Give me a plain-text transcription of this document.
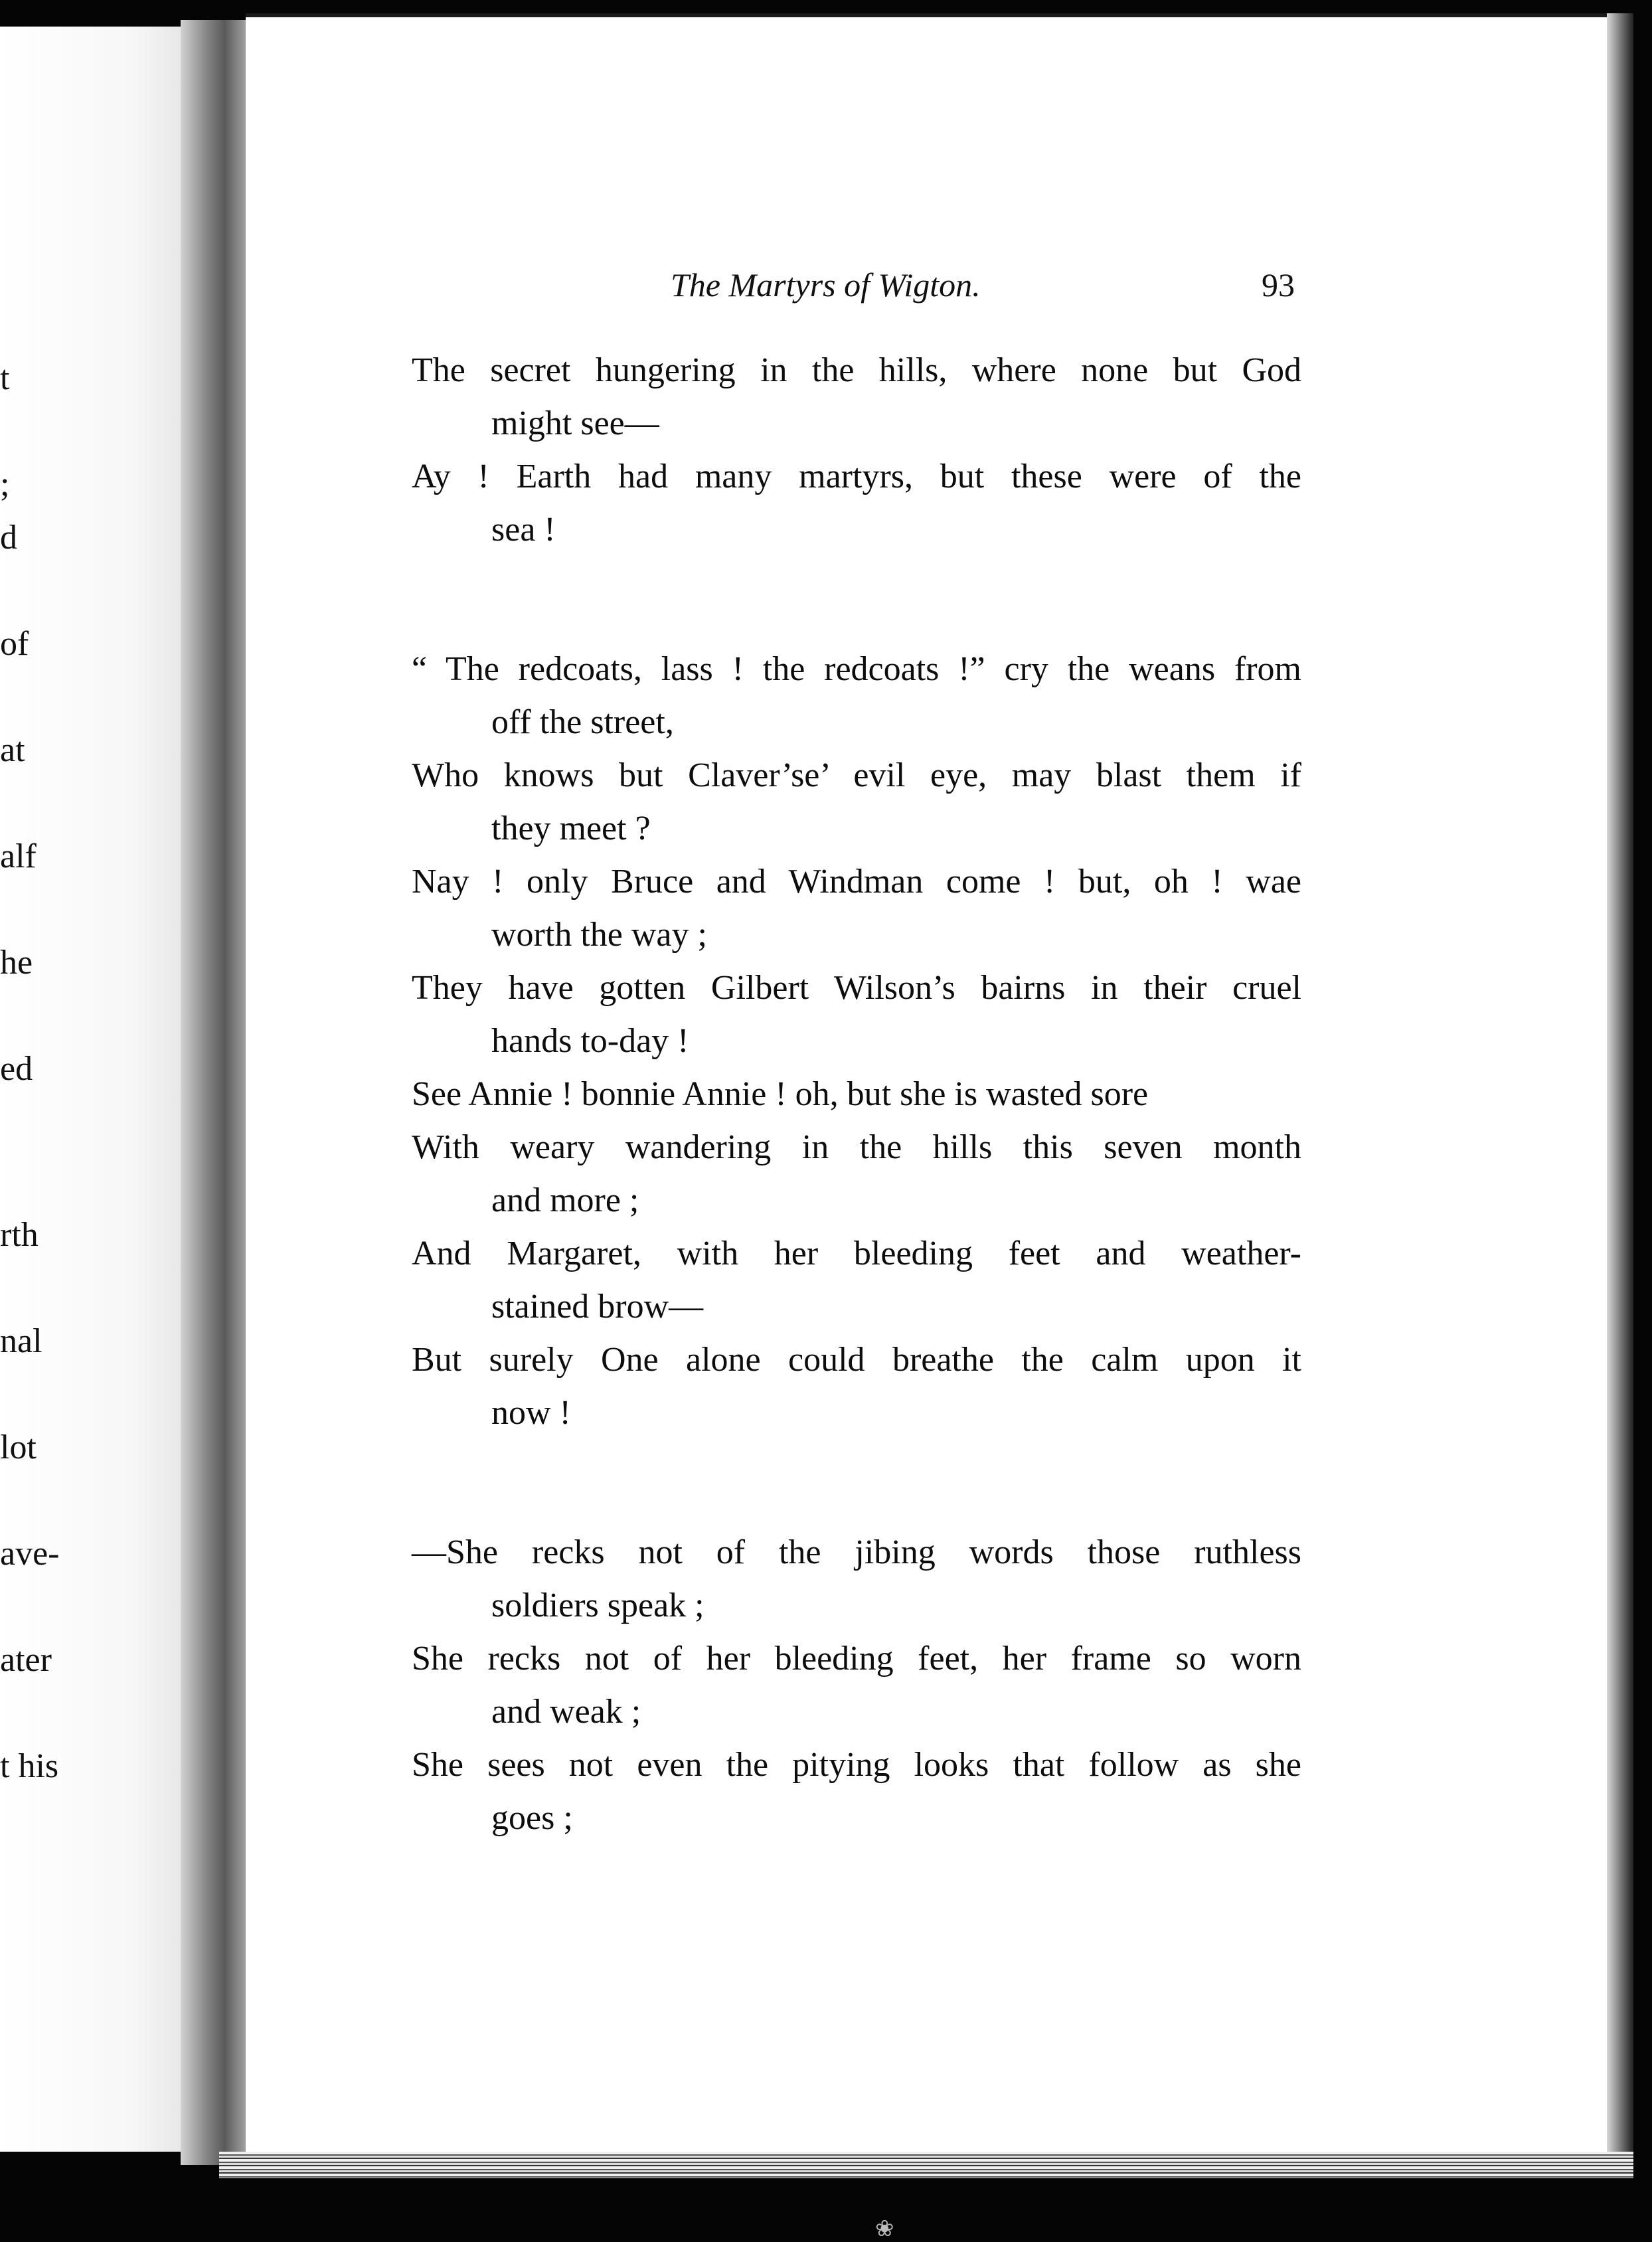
t
;
d
of
at
alf
he
ed
rth
nal
lot
ave-
ater
t his
The Martyrs of Wigton.	93
The secret hungering in the hills, where none but God
might see—
Ay ! Earth had many martyrs, but these were of the
sea !
“ The redcoats, lass ! the redcoats !” cry the weans from
off the street,
Who knows but Claver’se’ evil eye, may blast them if
they meet ?
Nay ! only Bruce and Windman come ! but, oh ! wae
worth the way ;
They have gotten Gilbert Wilson’s bairns in their cruel
hands to-day !
See Annie ! bonnie Annie ! oh, but she is wasted sore
With weary wandering in the hills this seven month
and more ;
And Margaret, with her bleeding feet and weather-
stained brow—
But surely One alone could breathe the calm upon it
now !
—She recks not of the jibing words those ruthless
soldiers speak ;
She recks not of her bleeding feet, her frame so worn
and weak ;
She sees not even the pitying looks that follow as she
goes ;
❀
